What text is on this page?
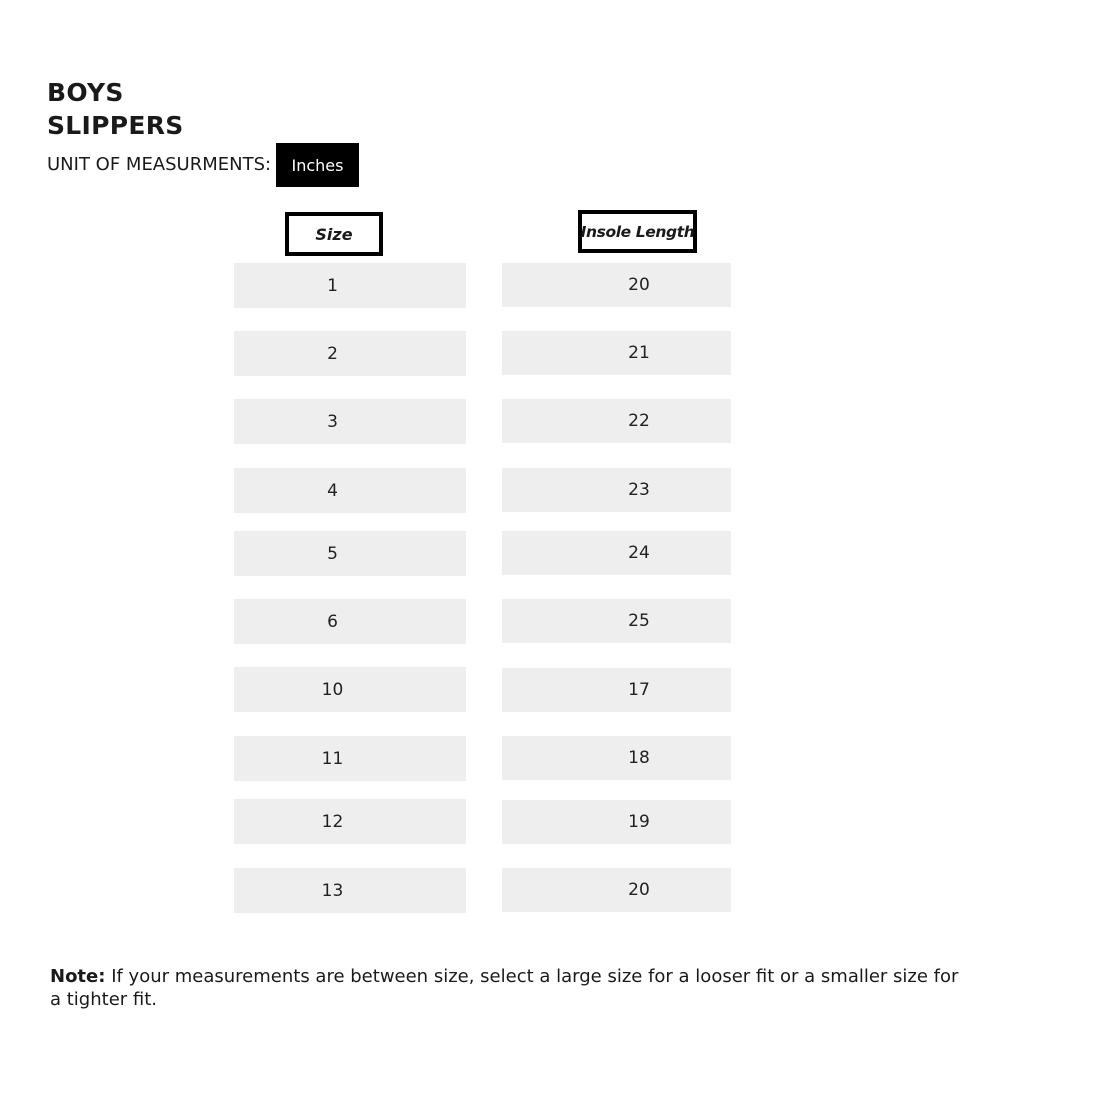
BOYS
SLIPPERS
UNIT OF MEASURMENTS:	Inches
Size	Insole Length
1	20
2	21
3	22
4	23
5	24
6	25
10	17
11	18
12	19
13	20
Note: If your measurements are between size, select a large size for a looser fit or a smaller size for a tighter fit.
